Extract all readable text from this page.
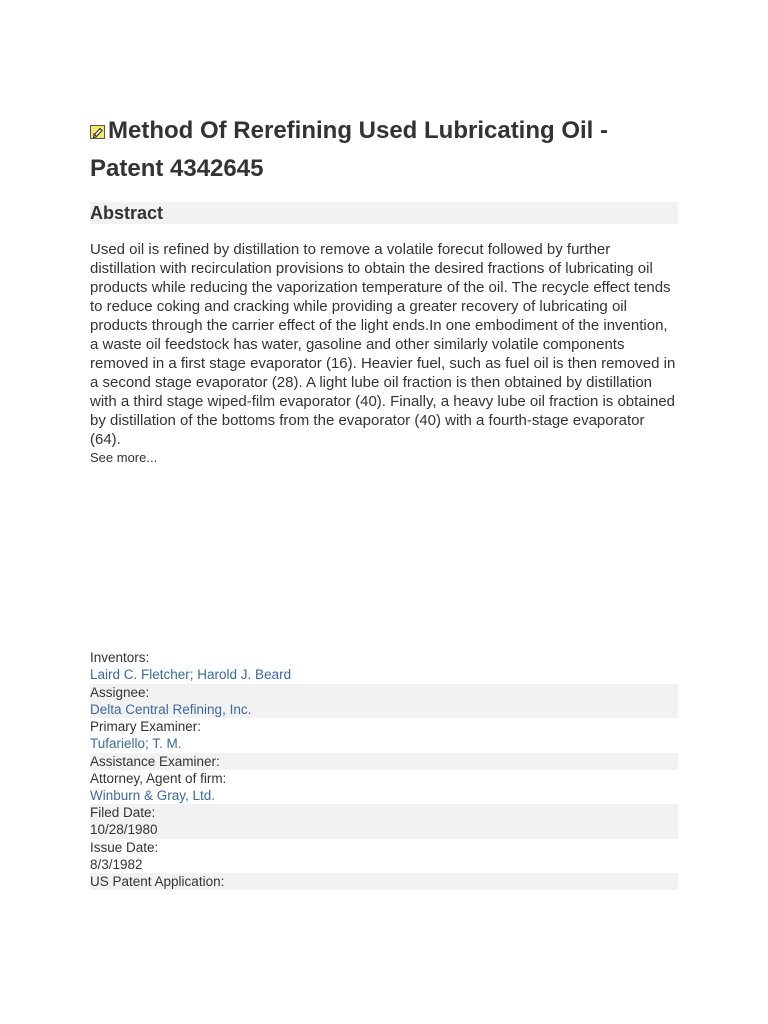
Method Of Rerefining Used Lubricating Oil - Patent 4342645
Abstract
Used oil is refined by distillation to remove a volatile forecut followed by further distillation with recirculation provisions to obtain the desired fractions of lubricating oil products while reducing the vaporization temperature of the oil. The recycle effect tends to reduce coking and cracking while providing a greater recovery of lubricating oil products through the carrier effect of the light ends.In one embodiment of the invention, a waste oil feedstock has water, gasoline and other similarly volatile components removed in a first stage evaporator (16). Heavier fuel, such as fuel oil is then removed in a second stage evaporator (28). A light lube oil fraction is then obtained by distillation with a third stage wiped-film evaporator (40). Finally, a heavy lube oil fraction is obtained by distillation of the bottoms from the evaporator (40) with a fourth-stage evaporator (64).
See more...
Inventors:
Laird C. Fletcher; Harold J. Beard
Assignee:
Delta Central Refining, Inc.
Primary Examiner:
Tufariello; T. M.
Assistance Examiner:
Attorney, Agent of firm:
Winburn & Gray, Ltd.
Filed Date:
10/28/1980
Issue Date:
8/3/1982
US Patent Application:
